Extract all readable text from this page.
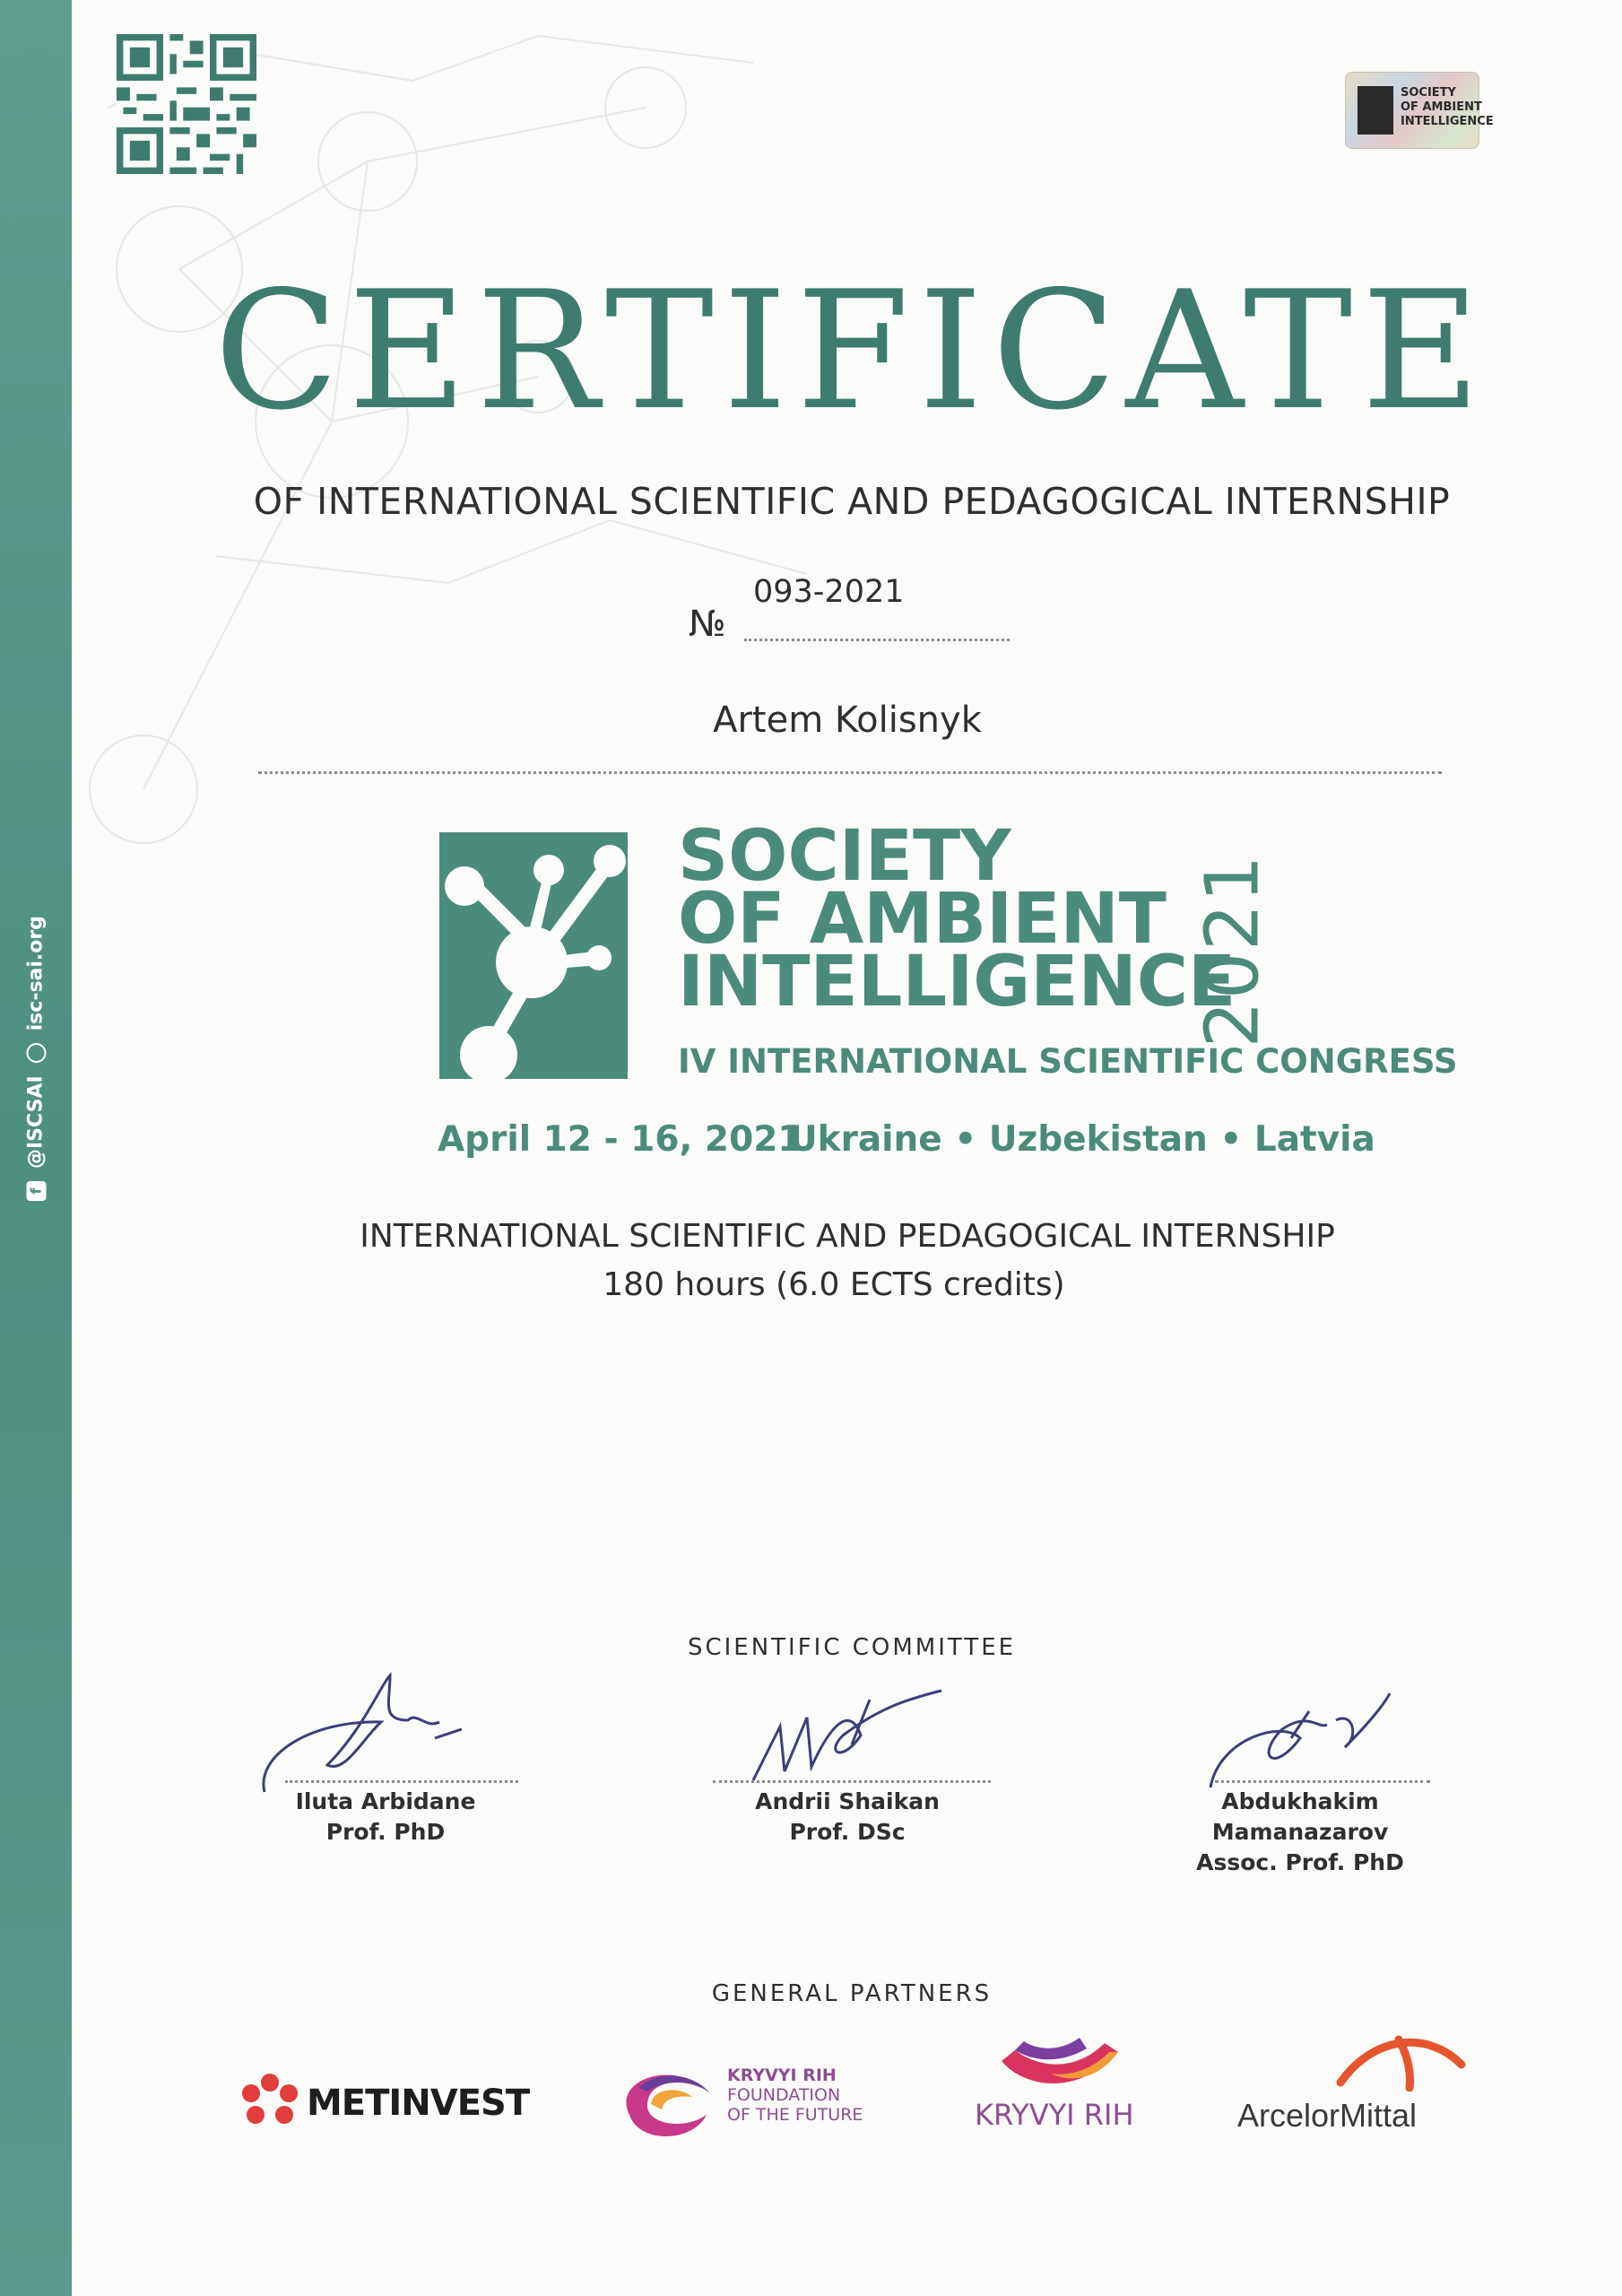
f
@ISCSAI
isc-sai.org
SOCIETY
OF AMBIENT
INTELLIGENCE
CERTIFICATE
OF INTERNATIONAL SCIENTIFIC AND PEDAGOGICAL INTERNSHIP
№
093-2021
Artem Kolisnyk
SOCIETY
OF AMBIENT
INTELLIGENCE
2021
IV INTERNATIONAL SCIENTIFIC CONGRESS
April 12 - 16, 2021
Ukraine • Uzbekistan • Latvia
INTERNATIONAL SCIENTIFIC AND PEDAGOGICAL INTERNSHIP
180 hours (6.0 ECTS credits)
SCIENTIFIC COMMITTEE
Iluta Arbidane
Prof. PhD
Andrii Shaikan
Prof. DSc
Abdukhakim Mamanazarov
Assoc. Prof. PhD
GENERAL PARTNERS
METINVEST
KRYVYI RIH
FOUNDATION
OF THE FUTURE	KRYVYI RIH	ArcelorMittal
